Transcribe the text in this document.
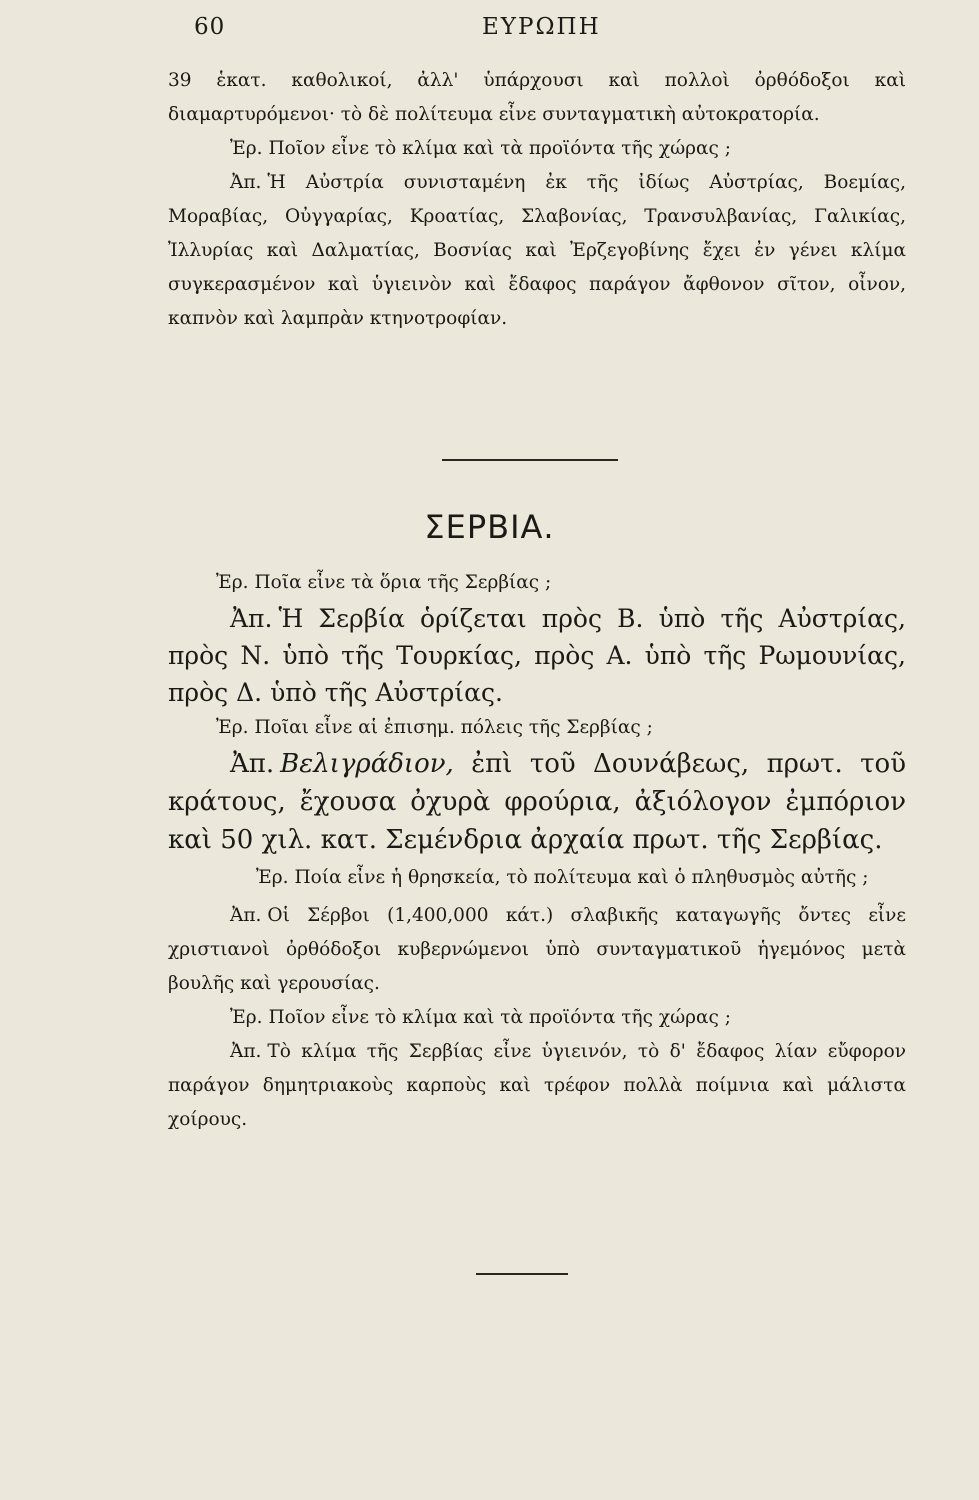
60	ΕΥΡΩΠΗ

39 ἑκατ. καθολικοί, ἀλλ' ὑπάρχουσι καὶ πολλοὶ ὀρθόδοξοι καὶ διαμαρτυρόμενοι· τὸ δὲ πολίτευμα εἶνε συνταγματικὴ αὐτοκρατορία.

Ἐρ. Ποῖον εἶνε τὸ κλίμα καὶ τὰ προϊόντα τῆς χώρας ;

Ἀπ. Ἡ Αὐστρία συνισταμένη ἐκ τῆς ἰδίως Αὐστρίας, Βοεμίας, Μοραβίας, Οὐγγαρίας, Κροατίας, Σλαβονίας, Τρανσυλβανίας, Γαλικίας, Ἰλλυρίας καὶ Δαλματίας, Βοσνίας καὶ Ἐρζεγοβίνης ἔχει ἐν γένει κλίμα συγκερασμένον καὶ ὑγιεινὸν καὶ ἔδαφος παράγον ἄφθονον σῖτον, οἶνον, καπνὸν καὶ λαμπρὰν κτηνοτροφίαν.

ΣΕΡΒΙΑ.

Ἐρ. Ποῖα εἶνε τὰ ὅρια τῆς Σερβίας ;

Ἀπ. Ἡ Σερβία ὁρίζεται πρὸς Β. ὑπὸ τῆς Αὐστρίας, πρὸς Ν. ὑπὸ τῆς Τουρκίας, πρὸς Α. ὑπὸ τῆς Ρωμουνίας, πρὸς Δ. ὑπὸ τῆς Αὐστρίας.

Ἐρ. Ποῖαι εἶνε αἱ ἐπισημ. πόλεις τῆς Σερβίας ;

Ἀπ. Βελιγράδιον, ἐπὶ τοῦ Δουνάβεως, πρωτ. τοῦ κράτους, ἔχουσα ὀχυρὰ φρούρια, ἀξιόλογον ἐμπόριον καὶ 50 χιλ. κατ. Σεμένδρια ἀρχαία πρωτ. τῆς Σερβίας.

Ἐρ. Ποία εἶνε ἡ θρησκεία, τὸ πολίτευμα καὶ ὁ πληθυσμὸς αὐτῆς ;

Ἀπ. Οἱ Σέρβοι (1,400,000 κάτ.) σλαβικῆς καταγωγῆς ὄντες εἶνε χριστιανοὶ ὀρθόδοξοι κυβερνώμενοι ὑπὸ συνταγματικοῦ ἡγεμόνος μετὰ βουλῆς καὶ γερουσίας.

Ἐρ. Ποῖον εἶνε τὸ κλίμα καὶ τὰ προϊόντα τῆς χώρας ;

Ἀπ. Τὸ κλίμα τῆς Σερβίας εἶνε ὑγιεινόν, τὸ δ' ἔδαφος λίαν εὔφορον παράγον δημητριακοὺς καρποὺς καὶ τρέφον πολλὰ ποίμνια καὶ μάλιστα χοίρους.
